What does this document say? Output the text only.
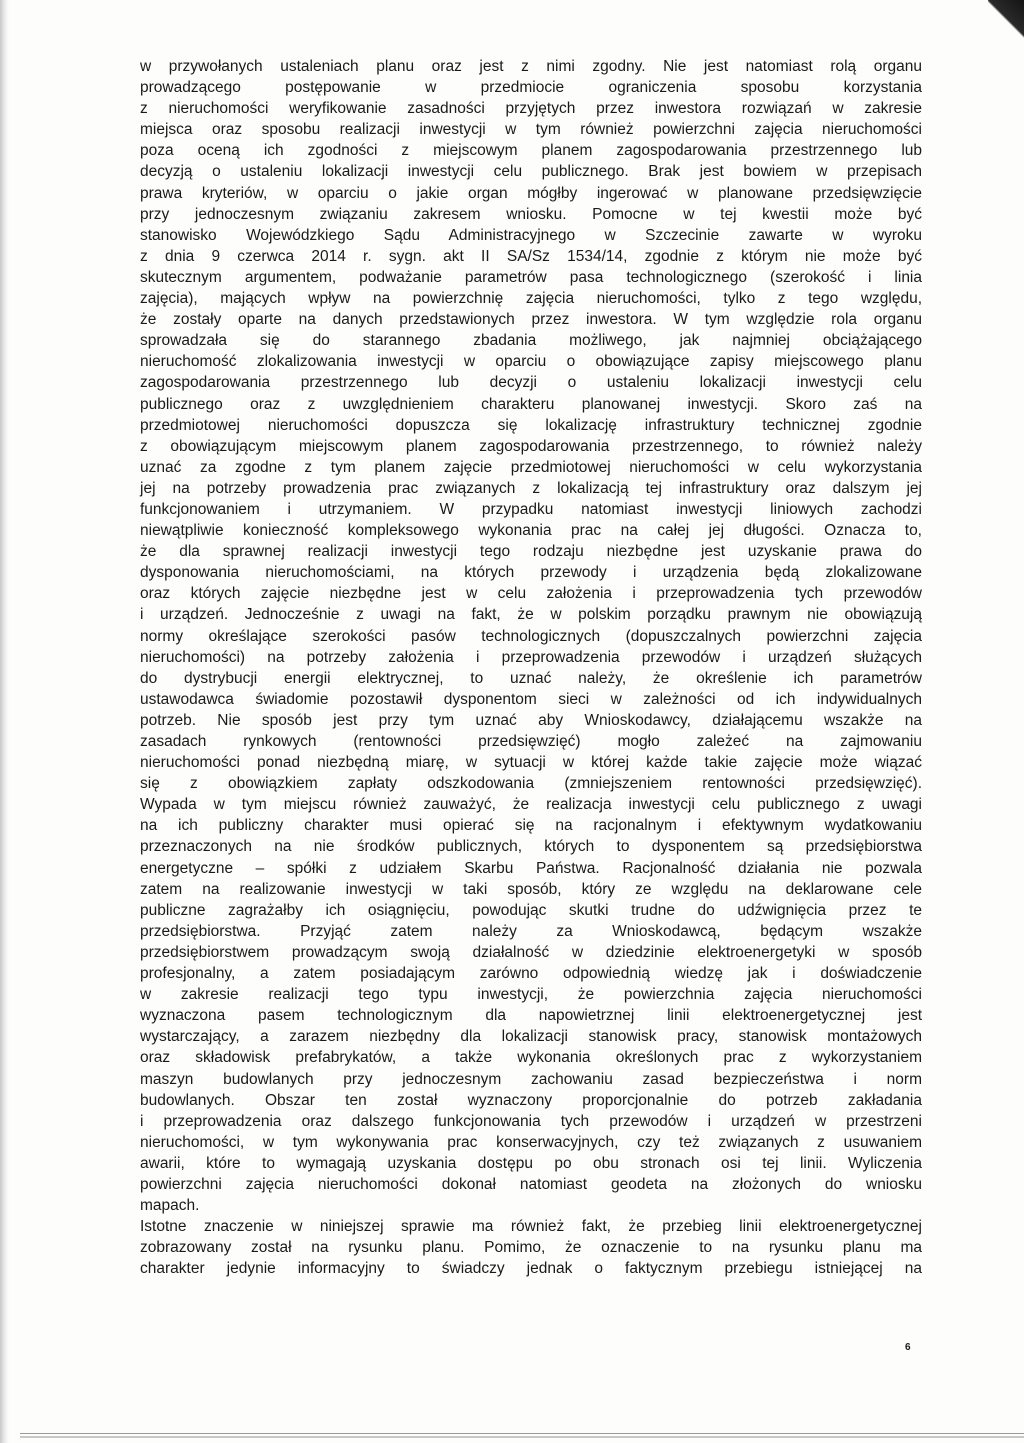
w przywołanych ustaleniach planu oraz jest z nimi zgodny. Nie jest natomiast rolą organu
prowadzącego postępowanie w przedmiocie ograniczenia sposobu korzystania
z nieruchomości weryfikowanie zasadności przyjętych przez inwestora rozwiązań w zakresie
miejsca oraz sposobu realizacji inwestycji w tym również powierzchni zajęcia nieruchomości
poza oceną ich zgodności z miejscowym planem zagospodarowania przestrzennego lub
decyzją o ustaleniu lokalizacji inwestycji celu publicznego. Brak jest bowiem w przepisach
prawa kryteriów, w oparciu o jakie organ mógłby ingerować w planowane przedsięwzięcie
przy jednoczesnym związaniu zakresem wniosku. Pomocne w tej kwestii może być
stanowisko Wojewódzkiego Sądu Administracyjnego w Szczecinie zawarte w wyroku
z dnia 9 czerwca 2014 r. sygn. akt II SA/Sz 1534/14, zgodnie z którym nie może być
skutecznym argumentem, podważanie parametrów pasa technologicznego (szerokość i linia
zajęcia), mających wpływ na powierzchnię zajęcia nieruchomości, tylko z tego względu,
że zostały oparte na danych przedstawionych przez inwestora. W tym względzie rola organu
sprowadzała się do starannego zbadania możliwego, jak najmniej obciążającego
nieruchomość zlokalizowania inwestycji w oparciu o obowiązujące zapisy miejscowego planu
zagospodarowania przestrzennego lub decyzji o ustaleniu lokalizacji inwestycji celu
publicznego oraz z uwzględnieniem charakteru planowanej inwestycji. Skoro zaś na
przedmiotowej nieruchomości dopuszcza się lokalizację infrastruktury technicznej zgodnie
z obowiązującym miejscowym planem zagospodarowania przestrzennego, to również należy
uznać za zgodne z tym planem zajęcie przedmiotowej nieruchomości w celu wykorzystania
jej na potrzeby prowadzenia prac związanych z lokalizacją tej infrastruktury oraz dalszym jej
funkcjonowaniem i utrzymaniem. W przypadku natomiast inwestycji liniowych zachodzi
niewątpliwie konieczność kompleksowego wykonania prac na całej jej długości. Oznacza to,
że dla sprawnej realizacji inwestycji tego rodzaju niezbędne jest uzyskanie prawa do
dysponowania nieruchomościami, na których przewody i urządzenia będą zlokalizowane
oraz których zajęcie niezbędne jest w celu założenia i przeprowadzenia tych przewodów
i urządzeń. Jednocześnie z uwagi na fakt, że w polskim porządku prawnym nie obowiązują
normy określające szerokości pasów technologicznych (dopuszczalnych powierzchni zajęcia
nieruchomości) na potrzeby założenia i przeprowadzenia przewodów i urządzeń służących
do dystrybucji energii elektrycznej, to uznać należy, że określenie ich parametrów
ustawodawca świadomie pozostawił dysponentom sieci w zależności od ich indywidualnych
potrzeb. Nie sposób jest przy tym uznać aby Wnioskodawcy, działającemu wszakże na
zasadach rynkowych (rentowności przedsięwzięć) mogło zależeć na zajmowaniu
nieruchomości ponad niezbędną miarę, w sytuacji w której każde takie zajęcie może wiązać
się z obowiązkiem zapłaty odszkodowania (zmniejszeniem rentowności przedsięwzięć).
Wypada w tym miejscu również zauważyć, że realizacja inwestycji celu publicznego z uwagi
na ich publiczny charakter musi opierać się na racjonalnym i efektywnym wydatkowaniu
przeznaczonych na nie środków publicznych, których to dysponentem są przedsiębiorstwa
energetyczne – spółki z udziałem Skarbu Państwa. Racjonalność działania nie pozwala
zatem na realizowanie inwestycji w taki sposób, który ze względu na deklarowane cele
publiczne zagrażałby ich osiągnięciu, powodując skutki trudne do udźwignięcia przez te
przedsiębiorstwa. Przyjąć zatem należy za Wnioskodawcą, będącym wszakże
przedsiębiorstwem prowadzącym swoją działalność w dziedzinie elektroenergetyki w sposób
profesjonalny, a zatem posiadającym zarówno odpowiednią wiedzę jak i doświadczenie
w zakresie realizacji tego typu inwestycji, że powierzchnia zajęcia nieruchomości
wyznaczona pasem technologicznym dla napowietrznej linii elektroenergetycznej jest
wystarczający, a zarazem niezbędny dla lokalizacji stanowisk pracy, stanowisk montażowych
oraz składowisk prefabrykatów, a także wykonania określonych prac z wykorzystaniem
maszyn budowlanych przy jednoczesnym zachowaniu zasad bezpieczeństwa i norm
budowlanych. Obszar ten został wyznaczony proporcjonalnie do potrzeb zakładania
i przeprowadzenia oraz dalszego funkcjonowania tych przewodów i urządzeń w przestrzeni
nieruchomości, w tym wykonywania prac konserwacyjnych, czy też związanych z usuwaniem
awarii, które to wymagają uzyskania dostępu po obu stronach osi tej linii. Wyliczenia
powierzchni zajęcia nieruchomości dokonał natomiast geodeta na złożonych do wniosku
mapach.
Istotne znaczenie w niniejszej sprawie ma również fakt, że przebieg linii elektroenergetycznej
zobrazowany został na rysunku planu. Pomimo, że oznaczenie to na rysunku planu ma
charakter jedynie informacyjny to świadczy jednak o faktycznym przebiegu istniejącej na
6
